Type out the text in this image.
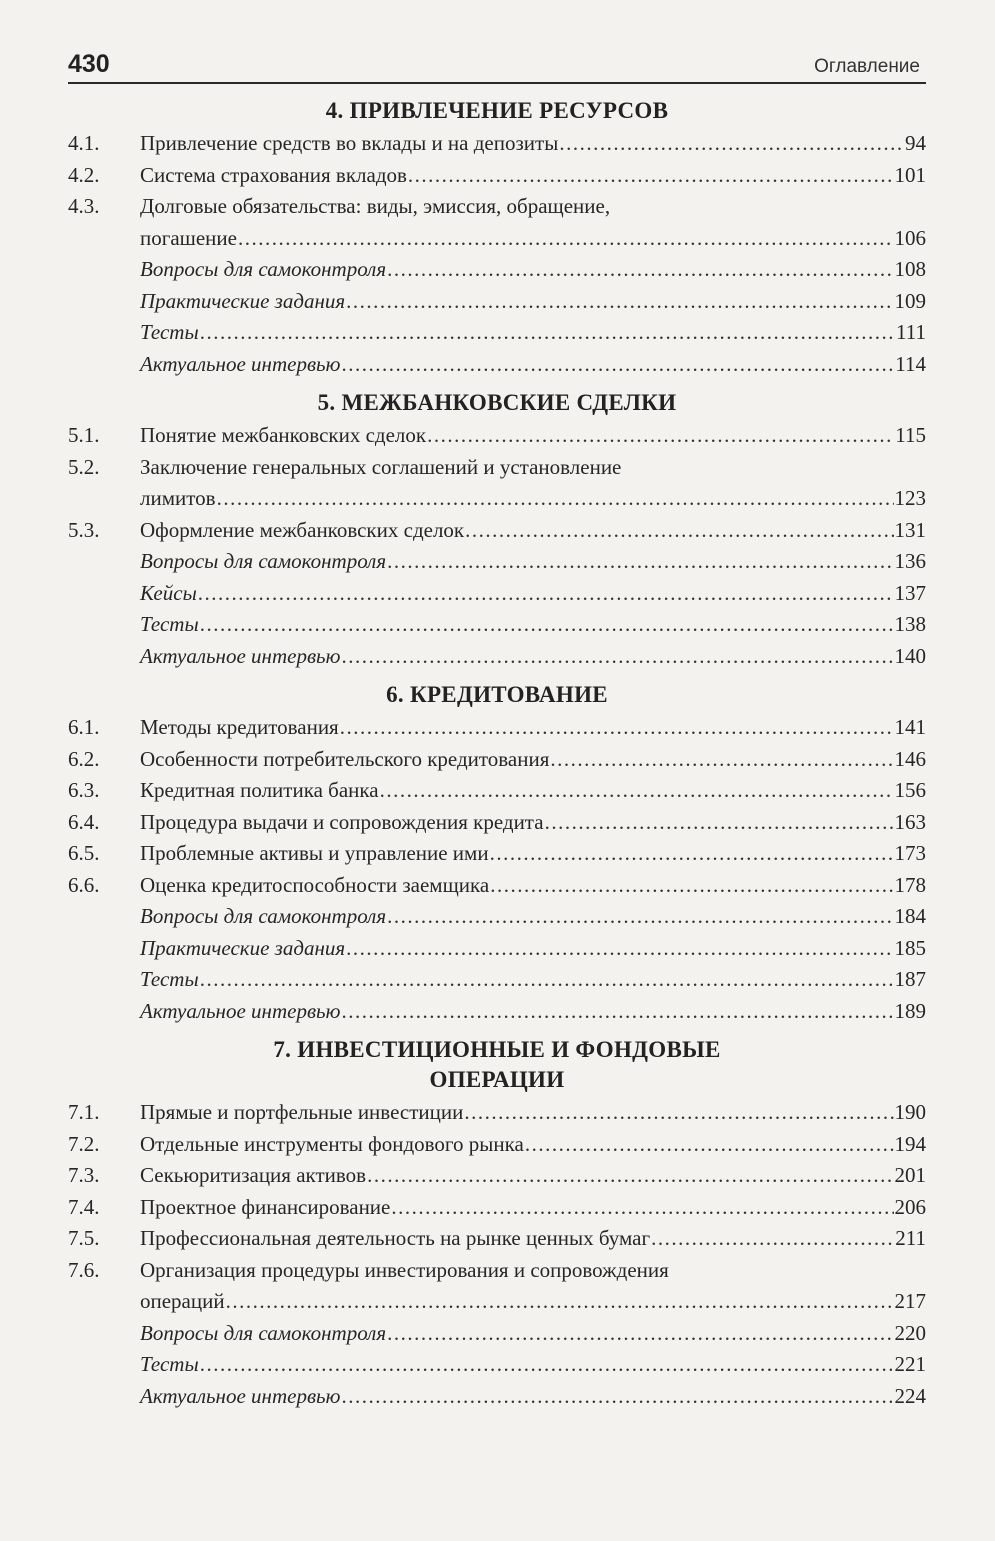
430	Оглавление
4. ПРИВЛЕЧЕНИЕ РЕСУРСОВ
4.1.	Привлечение средств во вклады и на депозиты .....	94
4.2.	Система страхования вкладов .....	101
4.3.	Долговые обязательства: виды, эмиссия, обращение,
погашение .....	106
Вопросы для самоконтроля .....	108
Практические задания .....	109
Тесты .....	111
Актуальное интервью .....	114
5. МЕЖБАНКОВСКИЕ СДЕЛКИ
5.1.	Понятие межбанковских сделок .....	115
5.2.	Заключение генеральных соглашений и установление
лимитов .....	123
5.3.	Оформление межбанковских сделок .....	131
Вопросы для самоконтроля .....	136
Кейсы .....	137
Тесты .....	138
Актуальное интервью .....	140
6. КРЕДИТОВАНИЕ
6.1.	Методы кредитования .....	141
6.2.	Особенности потребительского кредитования .....	146
6.3.	Кредитная политика банка .....	156
6.4.	Процедура выдачи и сопровождения кредита .....	163
6.5.	Проблемные активы и управление ими .....	173
6.6.	Оценка кредитоспособности заемщика .....	178
Вопросы для самоконтроля .....	184
Практические задания .....	185
Тесты .....	187
Актуальное интервью .....	189
7. ИНВЕСТИЦИОННЫЕ И ФОНДОВЫЕ
ОПЕРАЦИИ
7.1.	Прямые и портфельные инвестиции .....	190
7.2.	Отдельные инструменты фондового рынка .....	194
7.3.	Секьюритизация активов .....	201
7.4.	Проектное финансирование .....	206
7.5.	Профессиональная деятельность на рынке ценных бумаг .....	211
7.6.	Организация процедуры инвестирования и сопровождения
операций .....	217
Вопросы для самоконтроля .....	220
Тесты .....	221
Актуальное интервью .....	224
